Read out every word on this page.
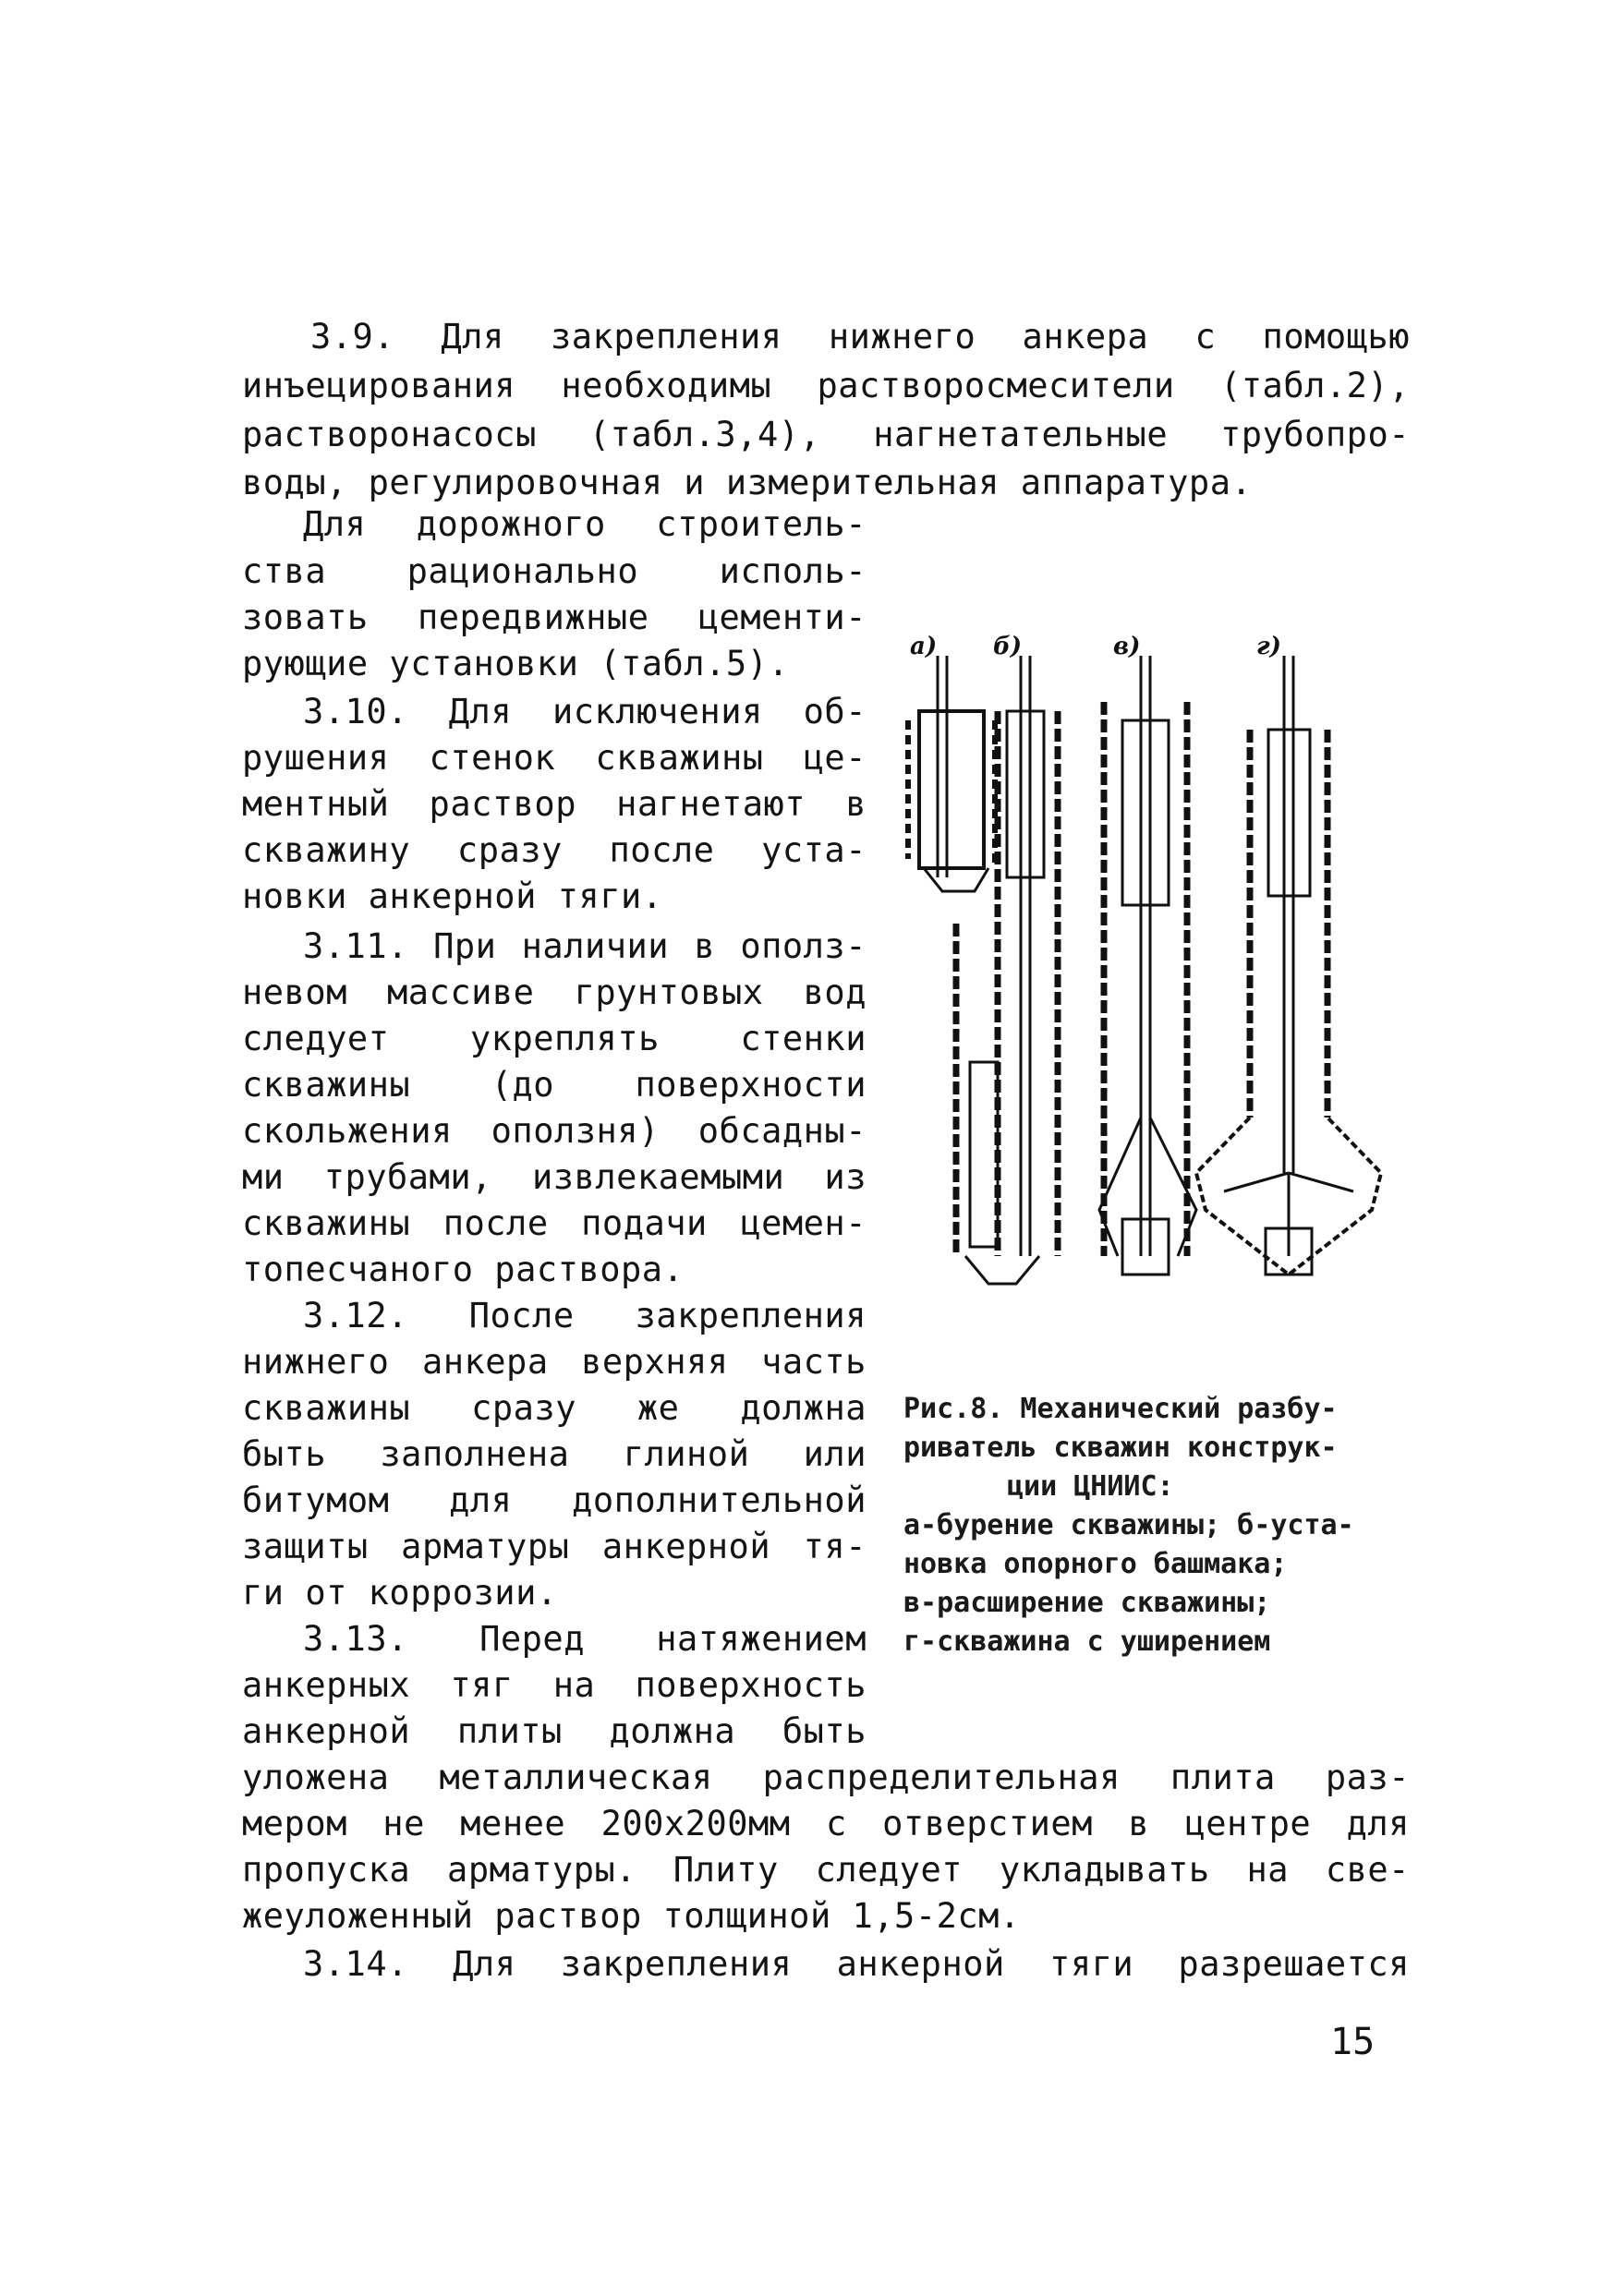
3.9. Для закрепления нижнего анкера с помощью
инъецирования необходимы растворосмесители (табл.2),
растворонасосы (табл.3,4), нагнетательные трубопро-
воды, регулировочная и измерительная аппаратура.
Для дорожного строитель-
ства рационально исполь-
зовать передвижные цементи-
рующие установки (табл.5).
3.10. Для исключения об-
рушения стенок скважины це-
ментный раствор нагнетают в
скважину сразу после уста-
новки анкерной тяги.
3.11. При наличии в ополз-
невом массиве грунтовых вод
следует укреплять стенки
скважины (до поверхности
скольжения оползня) обсадны-
ми трубами, извлекаемыми из
скважины после подачи цемен-
топесчаного раствора.
3.12. После закрепления
нижнего анкера верхняя часть
скважины сразу же должна
быть заполнена глиной или
битумом для дополнительной
защиты арматуры анкерной тя-
ги от коррозии.
3.13. Перед натяжением
анкерных тяг на поверхность
анкерной плиты должна быть
уложена металлическая распределительная плита раз-
мером не менее 200х200мм с отверстием в центре для
пропуска арматуры. Плиту следует укладывать на све-
жеуложенный раствор толщиной 1,5-2см.
3.14. Для закрепления анкерной тяги разрешается
а) б)	в)	г)
Рис.8. Механический разбу-
риватель скважин конструк-
ции ЦНИИС:
а-бурение скважины; б-уста-
новка опорного башмака;
в-расширение скважины;
г-скважина с уширением
15
